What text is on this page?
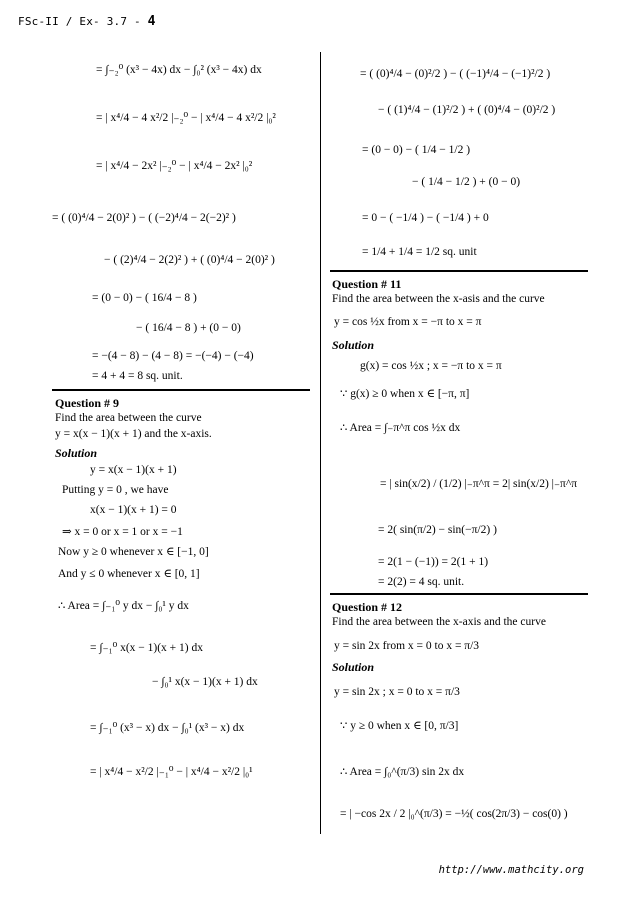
FSc-II / Ex- 3.7 - 4
= ∫₋₂⁰ (x³ − 4x) dx − ∫₀² (x³ − 4x) dx
= | x⁴/4 − 4 x²/2 |₋₂⁰ − | x⁴/4 − 4 x²/2 |₀²
= | x⁴/4 − 2x² |₋₂⁰ − | x⁴/4 − 2x² |₀²
= ( (0)⁴/4 − 2(0)² ) − ( (−2)⁴/4 − 2(−2)² )
− ( (2)⁴/4 − 2(2)² ) + ( (0)⁴/4 − 2(0)² )
= (0 − 0) − ( 16/4 − 8 )
− ( 16/4 − 8 ) + (0 − 0)
= −(4 − 8) − (4 − 8) = −(−4) − (−4)
= 4 + 4 = 8 sq. unit.
Question # 9
Find the area between the curve
y = x(x − 1)(x + 1) and the x-axis.
Solution
y = x(x − 1)(x + 1)
Putting y = 0 , we have
x(x − 1)(x + 1) = 0
⇒ x = 0 or x = 1 or x = −1
Now y ≥ 0 whenever x ∈ [−1, 0]
And y ≤ 0 whenever x ∈ [0, 1]
∴ Area = ∫₋₁⁰ y dx − ∫₀¹ y dx
= ∫₋₁⁰ x(x − 1)(x + 1) dx
− ∫₀¹ x(x − 1)(x + 1) dx
= ∫₋₁⁰ (x³ − x) dx − ∫₀¹ (x³ − x) dx
= | x⁴/4 − x²/2 |₋₁⁰ − | x⁴/4 − x²/2 |₀¹
= ( (0)⁴/4 − (0)²/2 ) − ( (−1)⁴/4 − (−1)²/2 )
− ( (1)⁴/4 − (1)²/2 ) + ( (0)⁴/4 − (0)²/2 )
= (0 − 0) − ( 1/4 − 1/2 )
− ( 1/4 − 1/2 ) + (0 − 0)
= 0 − ( −1/4 ) − ( −1/4 ) + 0
= 1/4 + 1/4 = 1/2 sq. unit
Question # 11
Find the area between the x-asis and the curve
y = cos ½x from x = −π to x = π
Solution
g(x) = cos ½x ; x = −π to x = π
∵ g(x) ≥ 0 when x ∈ [−π, π]
∴ Area = ∫₋π^π cos ½x dx
= | sin(x/2) / (1/2) |₋π^π = 2| sin(x/2) |₋π^π
= 2( sin(π/2) − sin(−π/2) )
= 2(1 − (−1)) = 2(1 + 1)
= 2(2) = 4 sq. unit.
Question # 12
Find the area between the x-axis and the curve
y = sin 2x from x = 0 to x = π/3
Solution
y = sin 2x ; x = 0 to x = π/3
∵ y ≥ 0 when x ∈ [0, π/3]
∴ Area = ∫₀^(π/3) sin 2x dx
= | −cos 2x / 2 |₀^(π/3) = −½( cos(2π/3) − cos(0) )
http://www.mathcity.org
